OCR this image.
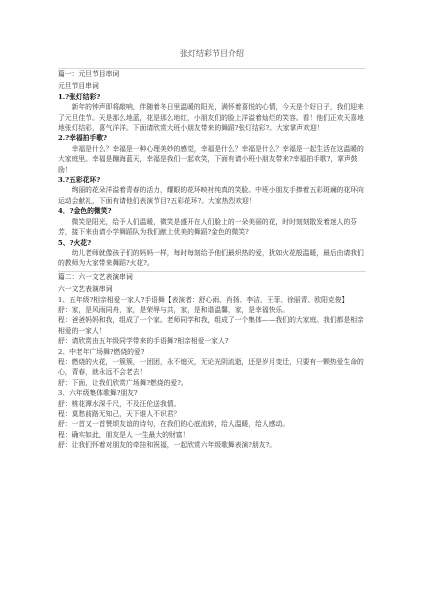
张灯结彩节目介绍

篇一：元旦节目串词

元旦节目串词

1.?张灯结彩?

新年的钟声即将敲响，伴随着冬日里温暖的阳光，满怀着喜悦的心情，今天是个好日子，我们迎来了元旦佳节。天是那么地蓝，花是那么地红，小朋友们的脸上洋溢着灿烂的笑容。看！他们正欢天喜地地张灯结彩，喜气洋洋。下面请欣赏大班小朋友带来的舞蹈?张灯结彩?。大家掌声欢迎！

2.?幸福拍手歌?

幸福是什么？幸福是一种心理美妙的感觉，幸福是什么？幸福是什么？幸福是一起生活在这温暖的大家庭里。幸福是蹦海蓝天，幸福是我们一起欢笑，下面有请小班小朋友带来?幸福拍手歌?，掌声鼓励！

3.?五彩花环?

绚丽的花朵洋溢着青春的活力，耀眼的花环映衬纯真的笑脸。中班小朋友手捧着五彩斑斓的花环向运动会献礼，下面有请他们表演节目?五彩花环?。大家热烈欢迎！

4．?金色的微笑?

微笑是阳光，给予人们温暖，微笑是盛开在人们脸上的一朵美丽的花，时时刻刻散发着迷人的芬芳，接下来由请小学舞蹈队为我们献上优美的舞蹈?金色的微笑?

5、?火花?

幼儿老师就像孩子们的妈妈一样，每时每刻给予他们最炽热的爱，犹如火花般温暖，最后由请我们的教师为大家带来舞蹈?火花?。

篇二：六一文艺表演串词

六一文艺表演串词

1、五年级?相亲相爱一家人?手语舞【表演者：舒心雨、肖扬、李洁、王菲、徐丽青、欧阳克俊】

舒：家，是风雨同舟，家，是荣辱与共，家，是和谐温馨，家，是幸福快乐。

程：爸爸妈妈和我，组成了一个家。老师同学和我，组成了一个集体——我们的大家庭。我们都是相亲相爱的一家人！

舒：请欣赏由五年级同学带来的手语舞?相亲相爱一家人?

2、中老年广场舞?燃烧的爱?

程：燃烧的火花，一簇簇，一团团，永不熄灭，无论光阴流逝，还是岁月变迁，只要有一颗热爱生命的心，青春，就永远不会老去！

舒：下面，让我们欣赏广场舞?燃烧的爱?。

3、六年级集体歌舞?朋友?

舒：桃花潭水深千尺，不及汪伦送我情。

程：莫愁前路无知己，天下谁人不识君？

舒：一首又一首赞颂友谊的诗句，在我们的心底流转，给人温暖，给人感动。

程：确实如此，朋友是人 一生最大的财富！

舒：让我们怀着对朋友的牵挂和祝福，一起欣赏六年级歌舞表演?朋友?。
